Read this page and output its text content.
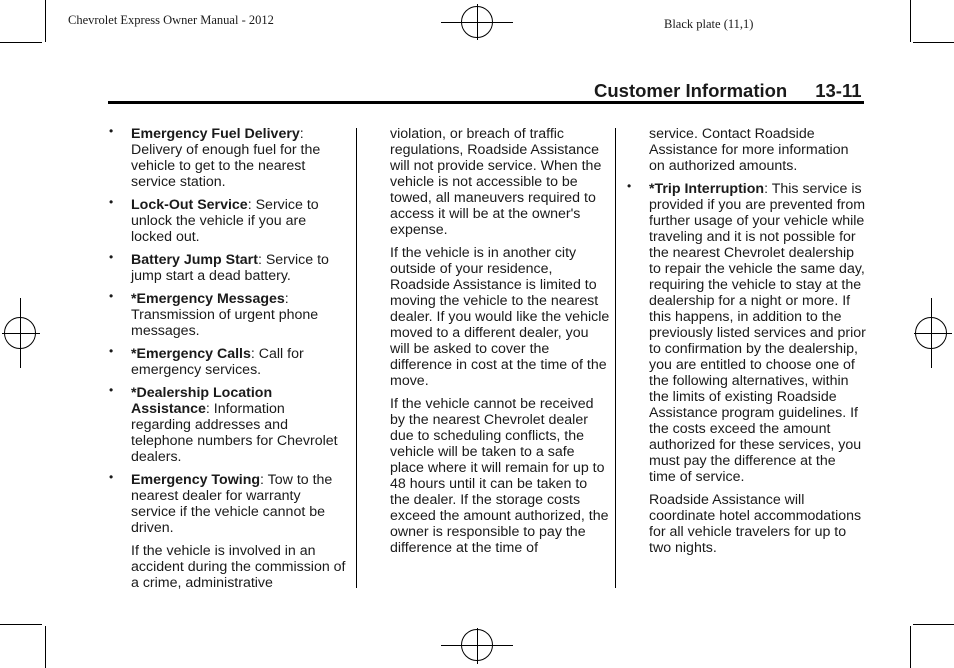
Chevrolet Express Owner Manual - 2012	Black plate (11,1)
Customer Information 13-11
• Emergency Fuel Delivery: Delivery of enough fuel for the vehicle to get to the nearest service station.
• Lock-Out Service: Service to unlock the vehicle if you are locked out.
• Battery Jump Start: Service to jump start a dead battery.
• *Emergency Messages: Transmission of urgent phone messages.
• *Emergency Calls: Call for emergency services.
• *Dealership Location Assistance: Information regarding addresses and telephone numbers for Chevrolet dealers.
• Emergency Towing: Tow to the nearest dealer for warranty service if the vehicle cannot be driven.

If the vehicle is involved in an accident during the commission of a crime, administrative

violation, or breach of traffic regulations, Roadside Assistance will not provide service. When the vehicle is not accessible to be towed, all maneuvers required to access it will be at the owner's expense.

If the vehicle is in another city outside of your residence, Roadside Assistance is limited to moving the vehicle to the nearest dealer. If you would like the vehicle moved to a different dealer, you will be asked to cover the difference in cost at the time of the move.

If the vehicle cannot be received by the nearest Chevrolet dealer due to scheduling conflicts, the vehicle will be taken to a safe place where it will remain for up to 48 hours until it can be taken to the dealer. If the storage costs exceed the amount authorized, the owner is responsible to pay the difference at the time of

service. Contact Roadside Assistance for more information on authorized amounts.

• *Trip Interruption: This service is provided if you are prevented from further usage of your vehicle while traveling and it is not possible for the nearest Chevrolet dealership to repair the vehicle the same day, requiring the vehicle to stay at the dealership for a night or more. If this happens, in addition to the previously listed services and prior to confirmation by the dealership, you are entitled to choose one of the following alternatives, within the limits of existing Roadside Assistance program guidelines. If the costs exceed the amount authorized for these services, you must pay the difference at the time of service.

Roadside Assistance will coordinate hotel accommodations for all vehicle travelers for up to two nights.
